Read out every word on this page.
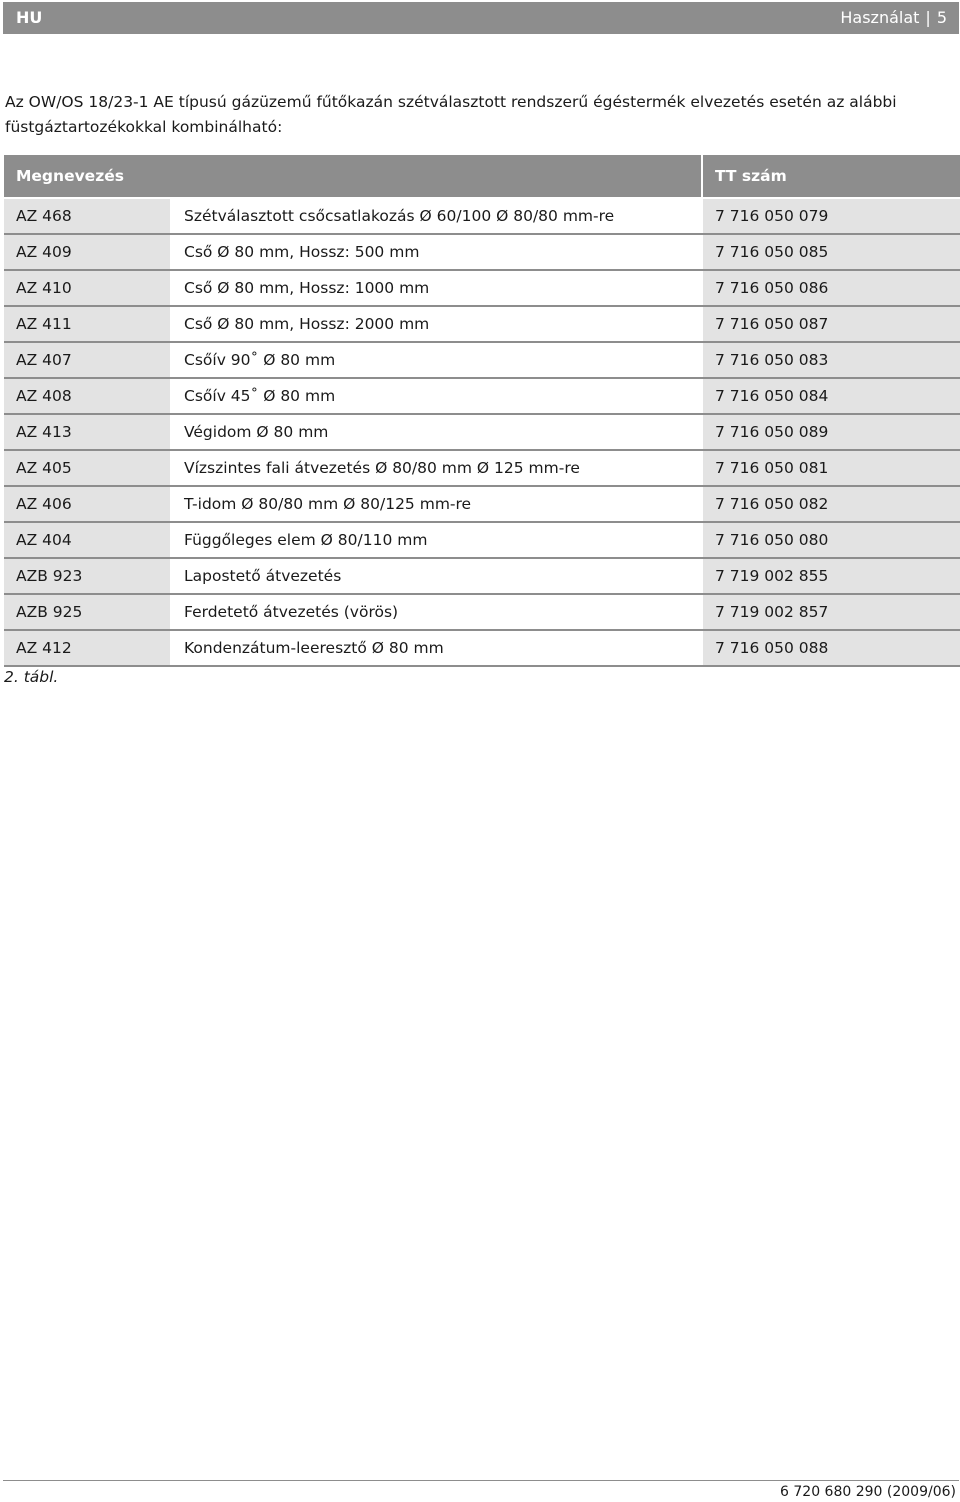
HU	Használat | 5

Az OW/OS 18/23-1 AE típusú gázüzemű fűtőkazán szétválasztott rendszerű égéstermék elvezetés esetén az alábbi füstgáztartozékokkal kombinálható:

Megnevezés		TT szám
AZ 468	Szétválasztott csőcsatlakozás Ø 60/100 Ø 80/80 mm-re	7 716 050 079
AZ 409	Cső Ø 80 mm, Hossz: 500 mm	7 716 050 085
AZ 410	Cső Ø 80 mm, Hossz: 1000 mm	7 716 050 086
AZ 411	Cső Ø 80 mm, Hossz: 2000 mm	7 716 050 087
AZ 407	Csőív 90˚ Ø 80 mm	7 716 050 083
AZ 408	Csőív 45˚ Ø 80 mm	7 716 050 084
AZ 413	Végidom Ø 80 mm	7 716 050 089
AZ 405	Vízszintes fali átvezetés Ø 80/80 mm Ø 125 mm-re	7 716 050 081
AZ 406	T-idom Ø 80/80 mm Ø 80/125 mm-re	7 716 050 082
AZ 404	Függőleges elem Ø 80/110 mm	7 716 050 080
AZB 923	Lapostető átvezetés	7 719 002 855
AZB 925	Ferdetető átvezetés (vörös)	7 719 002 857
AZ 412	Kondenzátum-leeresztő Ø 80 mm	7 716 050 088
2. tábl.
6 720 680 290 (2009/06)
